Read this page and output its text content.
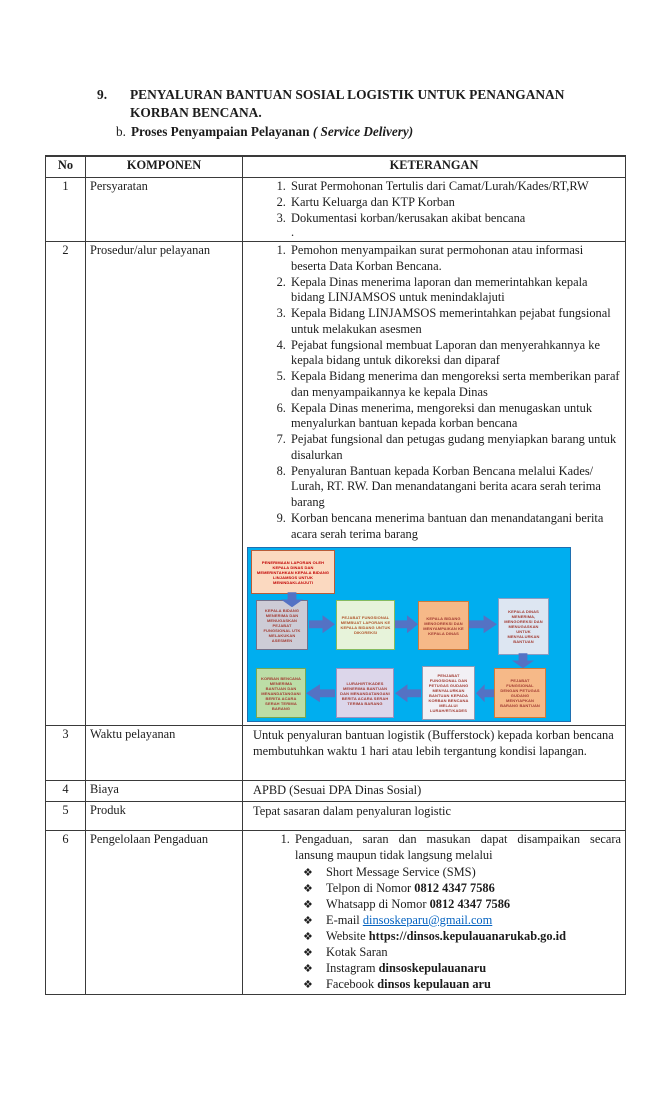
9.	PENYALURAN BANTUAN SOSIAL LOGISTIK UNTUK PENANGANAN
KORBAN BENCANA.
b. Proses Penyampaian Pelayanan ( Service Delivery)
No	KOMPONEN	KETERANGAN
1	Persyaratan	
1.Surat Permohonan Tertulis dari Camat/Lurah/Kades/RT,RW
2. Kartu Keluarga dan KTP Korban
3. Dokumentasi korban/kerusakan akibat bencana
.

2	Prosedur/alur pelayanan	
1.Pemohon menyampaikan surat permohonan atau informasi beserta Data Korban Bencana.
2. Kepala Dinas menerima laporan dan memerintahkan kepala bidang LINJAMSOS untuk menindaklajuti
3. Kepala Bidang LINJAMSOS memerintahkan pejabat fungsional untuk melakukan asesmen
4. Pejabat fungsional membuat Laporan dan menyerahkannya ke kepala bidang untuk dikoreksi dan diparaf
5. Kepala Bidang menerima dan mengoreksi serta memberikan paraf dan menyampaikannya ke kepala Dinas
6. Kepala Dinas menerima, mengoreksi dan menugaskan untuk menyalurkan bantuan kepada korban bencana
7. Pejabat fungsional dan petugas gudang menyiapkan barang untuk disalurkan
8. Penyaluran Bantuan kepada Korban Bencana melalui Kades/ Lurah, RT. RW. Dan menandatangani berita acara serah terima barang
9. Korban bencana menerima bantuan dan menandatangani berita acara serah terima barang
PENERIMAAN LAPORAN OLEH KEPALA DINAS DAN MEMERINTAHKAN KEPALA BIDANG LINJAMSOS UNTUK MENINDAKLANJUTI
KEPALA BIDANG MENERIMA DAN MENUGASKAN PEJABAT FUNGSIONAL UTK MELAKUKAN ASESMEN
PEJABAT FUNGSIONAL MEMBUAT LAPORAN KE KEPALA BIDANG UNTUK DIKOREKSI
KEPALA BIDANG MENGOREKSI DAN MENYAMPAIKAN KE KEPALA DINAS
KEPALA DINAS MENERIMA, MENGOREKSI DAN MENUGASKAN UNTUK MENYALURKAN BANTUAN
PEJABAT FUNGSIONAL DENGAN PETUGAS GUDANG MENYIAPKAN BARANG BANTUAN
PENJABAT FUNGSIONAL DAN PETUGAS GUDANG MENYALURKAN BANTUAN KEPADA KORBAN BENCANA MELALUI LURAH/RT/KADES
LURAH/RT/KADES MENERIMA BANTUAN DAN MENANDATANGANI BERITA ACARA SERAH TERIMA BARANG
KORBAN BENCANA MENERIMA BANTUAN DAN MENANDATANGANI BERITA ACARA SERAH TERIMA BARANG

3	Waktu pelayanan	Untuk penyaluran bantuan logistik (Bufferstock) kepada korban bencana membutuhkan waktu 1 hari atau lebih tergantung kondisi lapangan.

4	Biaya	APBD (Sesuai DPA Dinas Sosial)

5	Produk	Tepat sasaran dalam penyaluran logistic

6	Pengelolaan Pengaduan	
1.Pengaduan, saran dan masukan dapat disampaikan secara lansung maupun tidak langsung melalui
❖ Short Message Service (SMS)
❖ Telpon di Nomor 0812 4347 7586
❖ Whatsapp di Nomor 0812 4347 7586
❖ E-mail dinsoskeparu@gmail.com
❖ Website https://dinsos.kepulauanarukab.go.id
❖ Kotak Saran
❖ Instagram dinsoskepulauanaru
❖ Facebook dinsos kepulauan aru
